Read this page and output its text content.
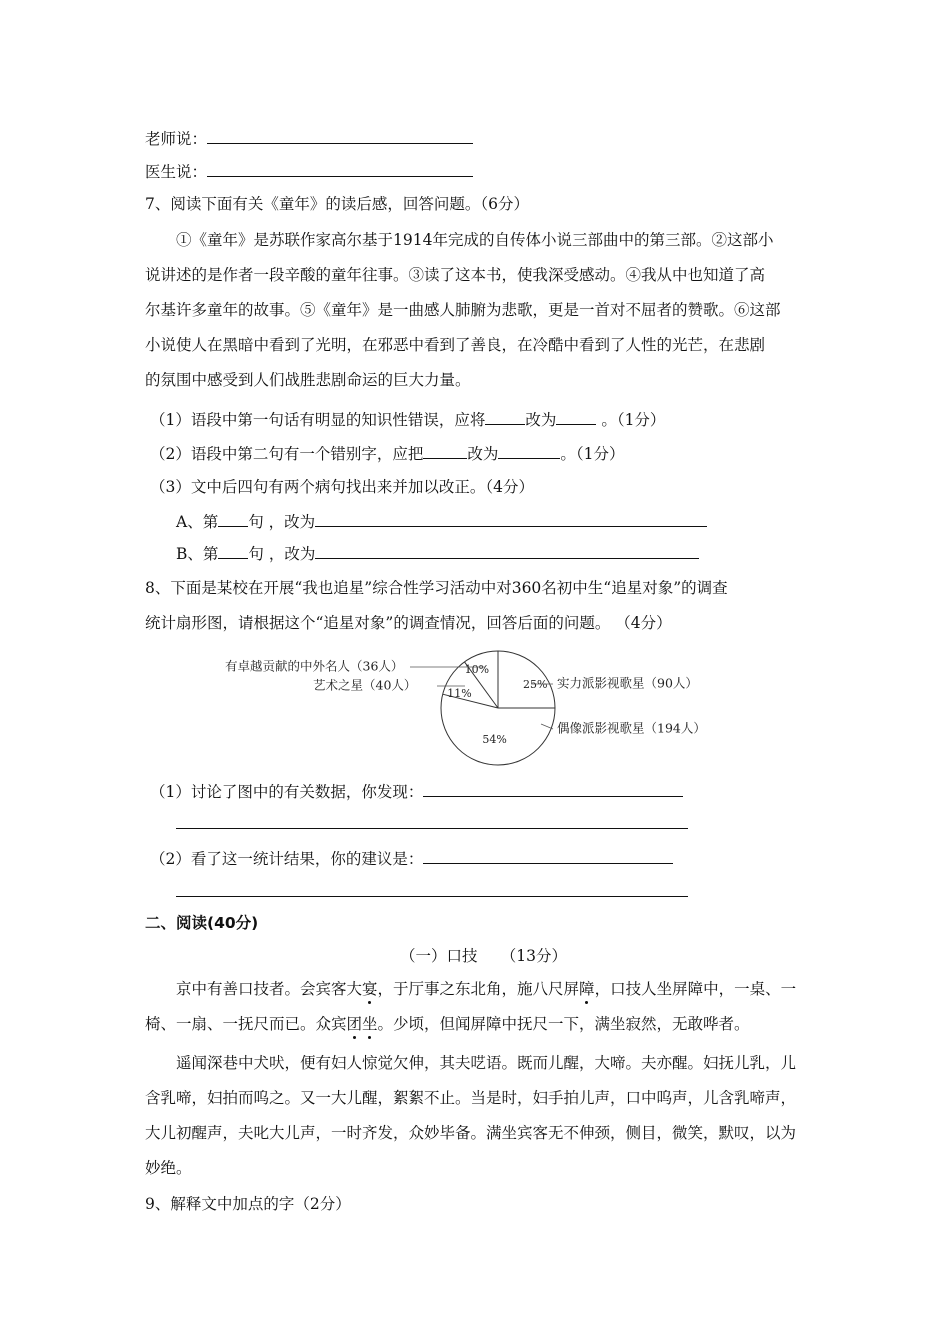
老师说：
医生说：
7、阅读下面有关《童年》的读后感，回答问题。（6分）
①《童年》是苏联作家高尔基于1914年完成的自传体小说三部曲中的第三部。②这部小
说讲述的是作者一段辛酸的童年往事。③读了这本书，使我深受感动。④我从中也知道了高
尔基许多童年的故事。⑤《童年》是一曲感人肺腑为悲歌，更是一首对不屈者的赞歌。⑥这部
小说使人在黑暗中看到了光明，在邪恶中看到了善良，在冷酷中看到了人性的光芒，在悲剧
的氛围中感受到人们战胜悲剧命运的巨大力量。
（1）语段中第一句话有明显的知识性错误，应将	改为	。（1分）
（2）语段中第二句有一个错别字，应把	改为	。（1分）
（3）文中后四句有两个病句找出来并加以改正。（4分）
A、第 句 ，改为
B、第 句 ，改为
8、下面是某校在开展“我也追星”综合性学习活动中对360名初中生“追星对象”的调查
统计扇形图，请根据这个“追星对象”的调查情况，回答后面的问题。 （4分）
10%
25%
54%
11%
有卓越贡献的中外名人（36人）
艺术之星（40人）	实力派影视歌星（90人）
偶像派影视歌星（194人）
（1）讨论了图中的有关数据，你发现：
（2）看了这一统计结果，你的建议是：
二、阅读(40分)
（一）口技　　（13分）
京中有善口技者。会宾客大宴，于厅事之东北角，施八尺屏障，口技人坐屏障中，一桌、一
椅、一扇、一抚尺而已。众宾团坐。少顷，但闻屏障中抚尺一下，满坐寂然，无敢哗者。
遥闻深巷中犬吠，便有妇人惊觉欠伸，其夫呓语。既而儿醒，大啼。夫亦醒。妇抚儿乳，儿
含乳啼，妇拍而呜之。又一大儿醒，絮絮不止。当是时，妇手拍儿声，口中呜声，儿含乳啼声，
大儿初醒声，夫叱大儿声，一时齐发，众妙毕备。满坐宾客无不伸颈，侧目，微笑，默叹，以为
妙绝。
9、解释文中加点的字（2分）
